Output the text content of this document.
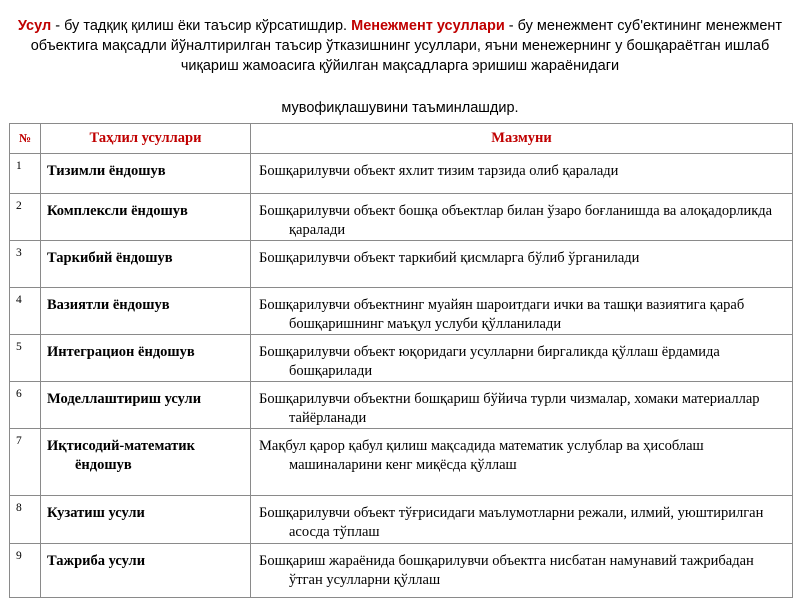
Усул - бу тадқиқ қилиш ёки таъсир кўрсатишдир. Менежмент усуллари - бу менежмент суб'ектининг менежмент объектига мақсадли йўналтирилган таъсир ўтказишнинг усуллари, яъни менежернинг у бошқараётган ишлаб чиқариш жамоасига қўйилган мақсадларга эришиш жараёнидаги
мувофиқлашувини таъминлашдир.
№	Таҳлил усуллари	Мазмуни
1	Тизимли ёндошув	Бошқарилувчи объект яхлит тизим тарзида олиб қаралади

2	Комплексли ёндошув	Бошқарилувчи объект бошқа объектлар билан ўзаро боғланишда ва алоқадорликда қаралади

3	Таркибий ёндошув	Бошқарилувчи объект таркибий қисмларга бўлиб ўрганилади

4	Вазиятли ёндошув	Бошқарилувчи объектнинг муайян шароитдаги ички ва ташқи вазиятига қараб бошқаришнинг маъқул услуби қўлланилади

5	Интеграцион ёндошув	Бошқарилувчи объект юқоридаги усулларни биргаликда қўллаш ёрдамида бошқарилади

6	Моделлаштириш усули	Бошқарилувчи объектни бошқариш бўйича турли чизмалар, хомаки материаллар тайёрланади

7	Иқтисодий-математик ёндошув	Мақбул қарор қабул қилиш мақсадида математик услублар ва ҳисоблаш машиналарини кенг миқёсда қўллаш

8	Кузатиш усули	Бошқарилувчи объект тўғрисидаги маълумотларни режали, илмий, уюштирилган асосда тўплаш

9	Тажриба усули	Бошқариш жараёнида бошқарилувчи объектга нисбатан намунавий тажрибадан ўтган усулларни қўллаш
